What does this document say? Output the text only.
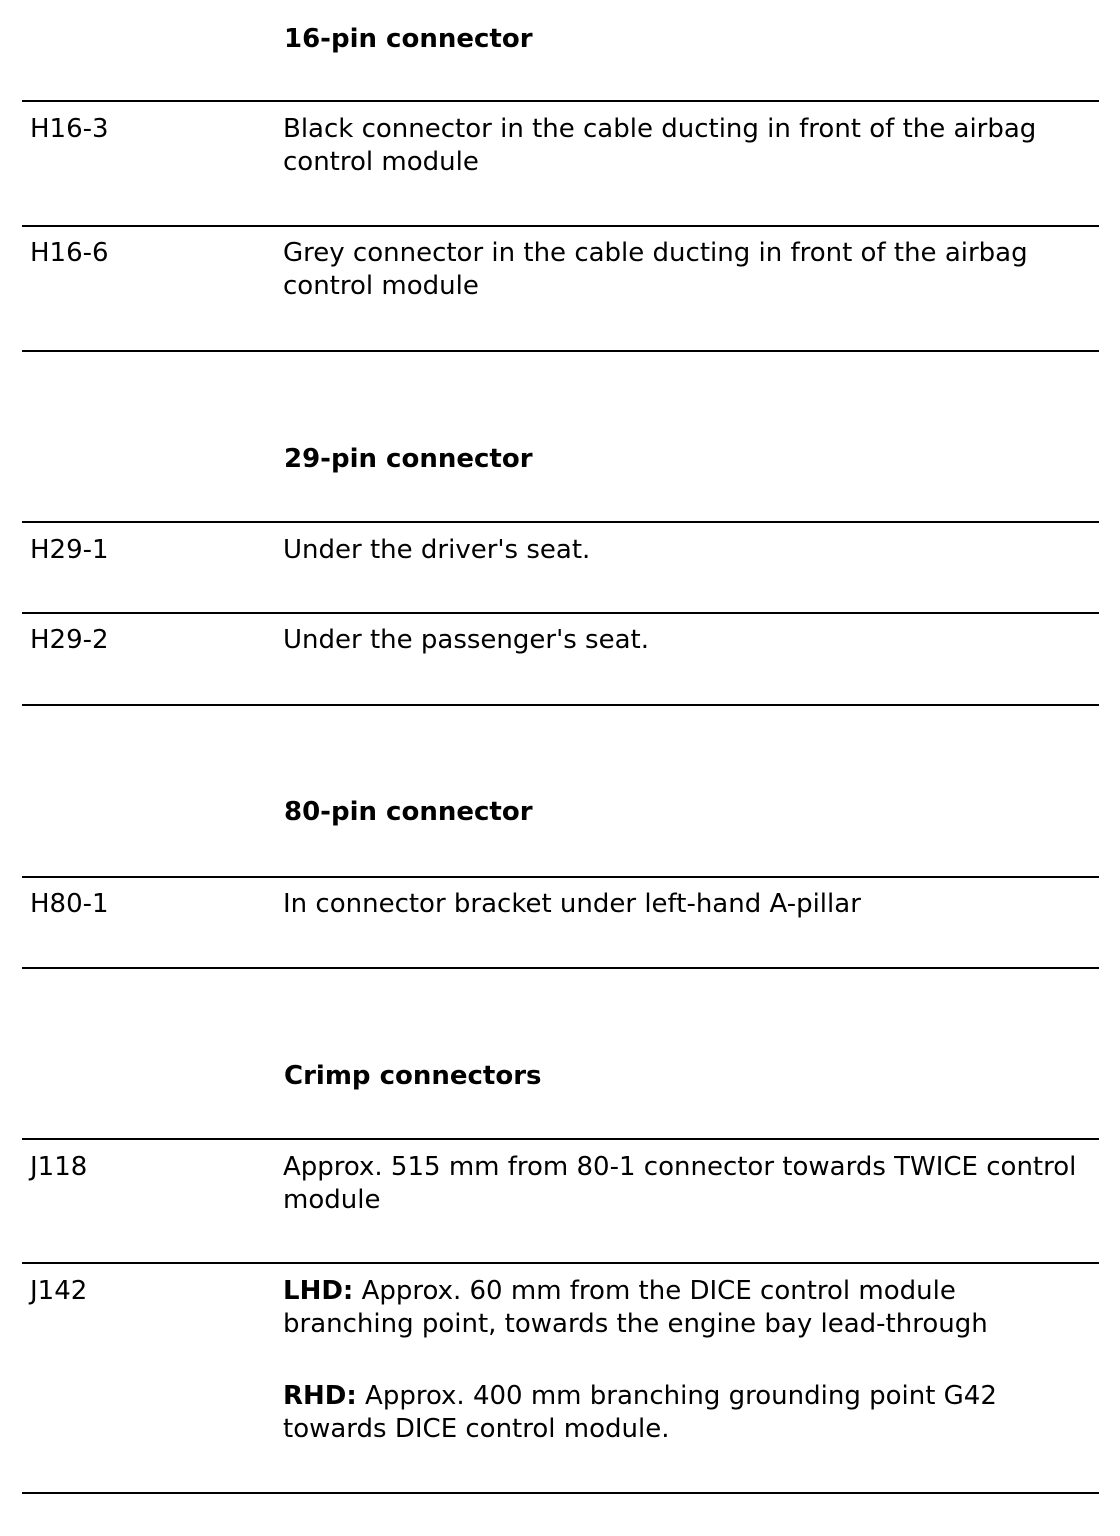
16-pin connector
H16-3	Black connector in the cable ducting in front of the airbag control module
H16-6	Grey connector in the cable ducting in front of the airbag control module
29-pin connector
H29-1	Under the driver's seat.
H29-2	Under the passenger's seat.
80-pin connector
H80-1	In connector bracket under left-hand A-pillar
Crimp connectors
J118	Approx. 515 mm from 80-1 connector towards TWICE control module
J142	LHD: Approx. 60 mm from the DICE control module branching point, towards the engine bay lead-through

RHD: Approx. 400 mm branching grounding point G42 towards DICE control module.
